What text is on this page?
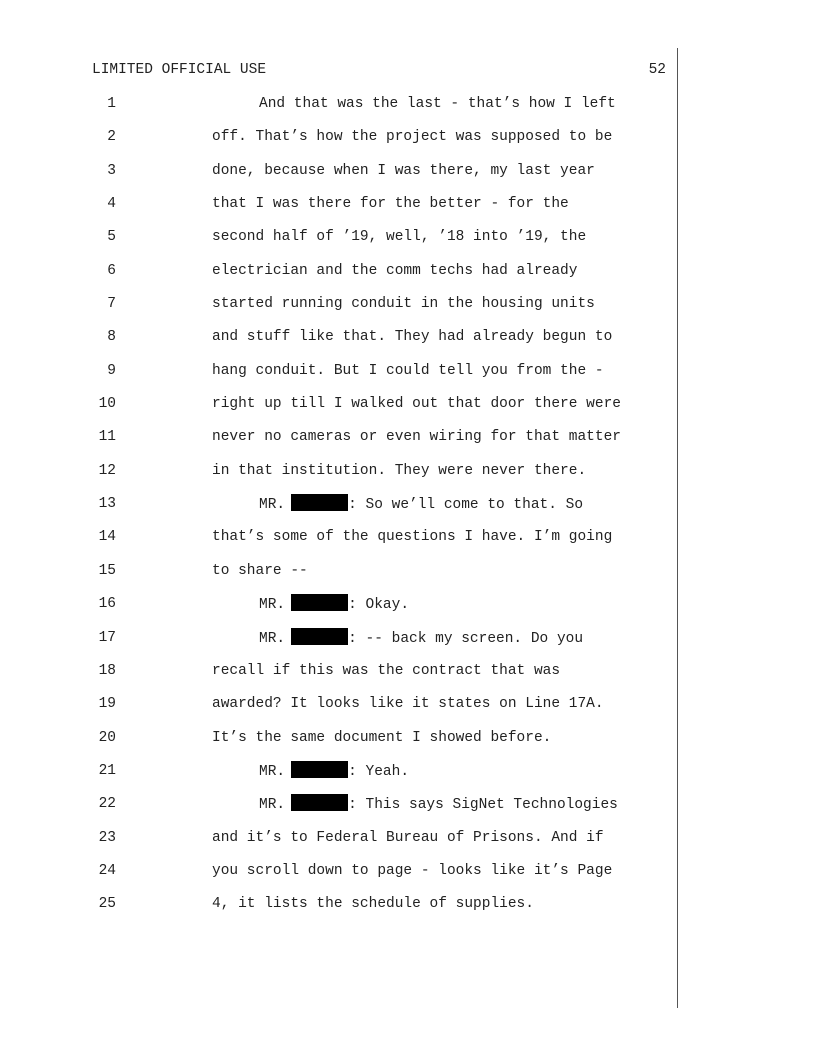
LIMITED OFFICIAL USE	52
1	And that was the last - that’s how I left
2	off. That’s how the project was supposed to be
3	done, because when I was there, my last year
4	that I was there for the better - for the
5	second half of ’19, well, ’18 into ’19, the
6	electrician and the comm techs had already
7	started running conduit in the housing units
8	and stuff like that. They had already begun to
9	hang conduit. But I could tell you from the -
10	right up till I walked out that door there were
11	never no cameras or even wiring for that matter
12	in that institution. They were never there.
13	MR.	: So we’ll come to that. So
14	that’s some of the questions I have. I’m going
15	to share --
16	MR.	: Okay.
17	MR.	: -- back my screen. Do you
18	recall if this was the contract that was
19	awarded? It looks like it states on Line 17A.
20	It’s the same document I showed before.
21	MR.	: Yeah.
22	MR.	: This says SigNet Technologies
23	and it’s to Federal Bureau of Prisons. And if
24	you scroll down to page - looks like it’s Page
25	4, it lists the schedule of supplies.
